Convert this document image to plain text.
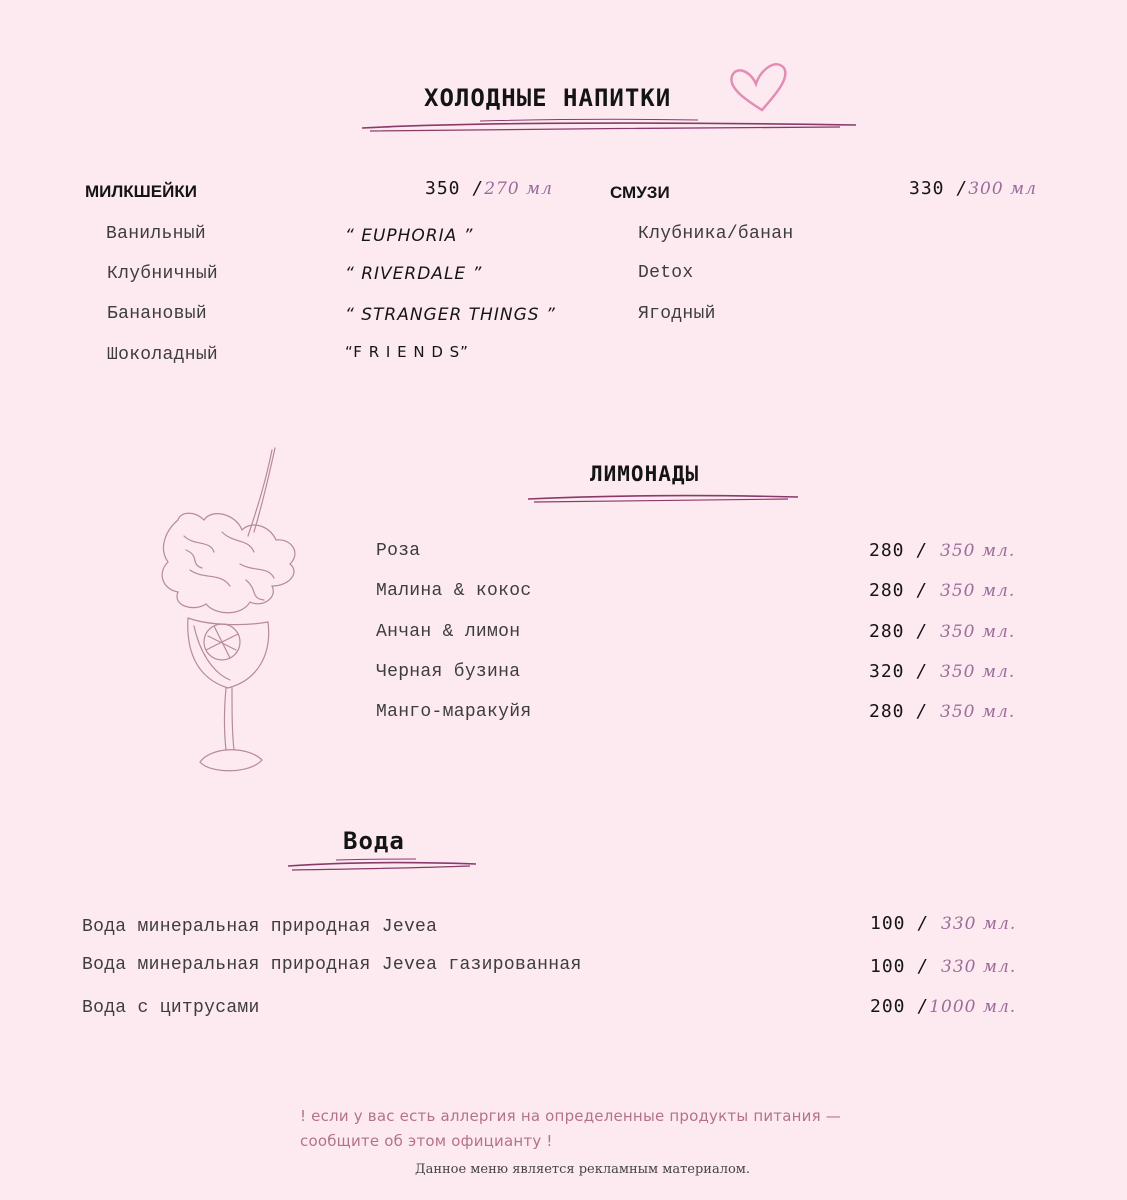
ХОЛОДНЫЕ НАПИТКИ
МИЛКШЕЙКИ	350 /270 мл
Ванильный
Клубничный
Банановый
Шоколадный
“ EUPHORIA ”
“ RIVERDALE ”
“ STRANGER THINGS ”
“F R I E N D S”
СМУЗИ	330 /300 мл
Клубника/банан
Detox
Ягодный
ЛИМОНАДЫ
Роза
Малина & кокос
Анчан & лимон
Черная бузина
Манго-маракуйя
280 / 350 мл.
280 / 350 мл.
280 / 350 мл.
320 / 350 мл.
280 / 350 мл.
Вода
Вода минеральная природная Jevea
Вода минеральная природная Jevea газированная
Вода с цитрусами
100 / 330 мл.
100 / 330 мл.
200 /1000 мл.
! если у вас есть аллергия на определенные продукты питания —
сообщите об этом официанту !
Данное меню является рекламным материалом.
